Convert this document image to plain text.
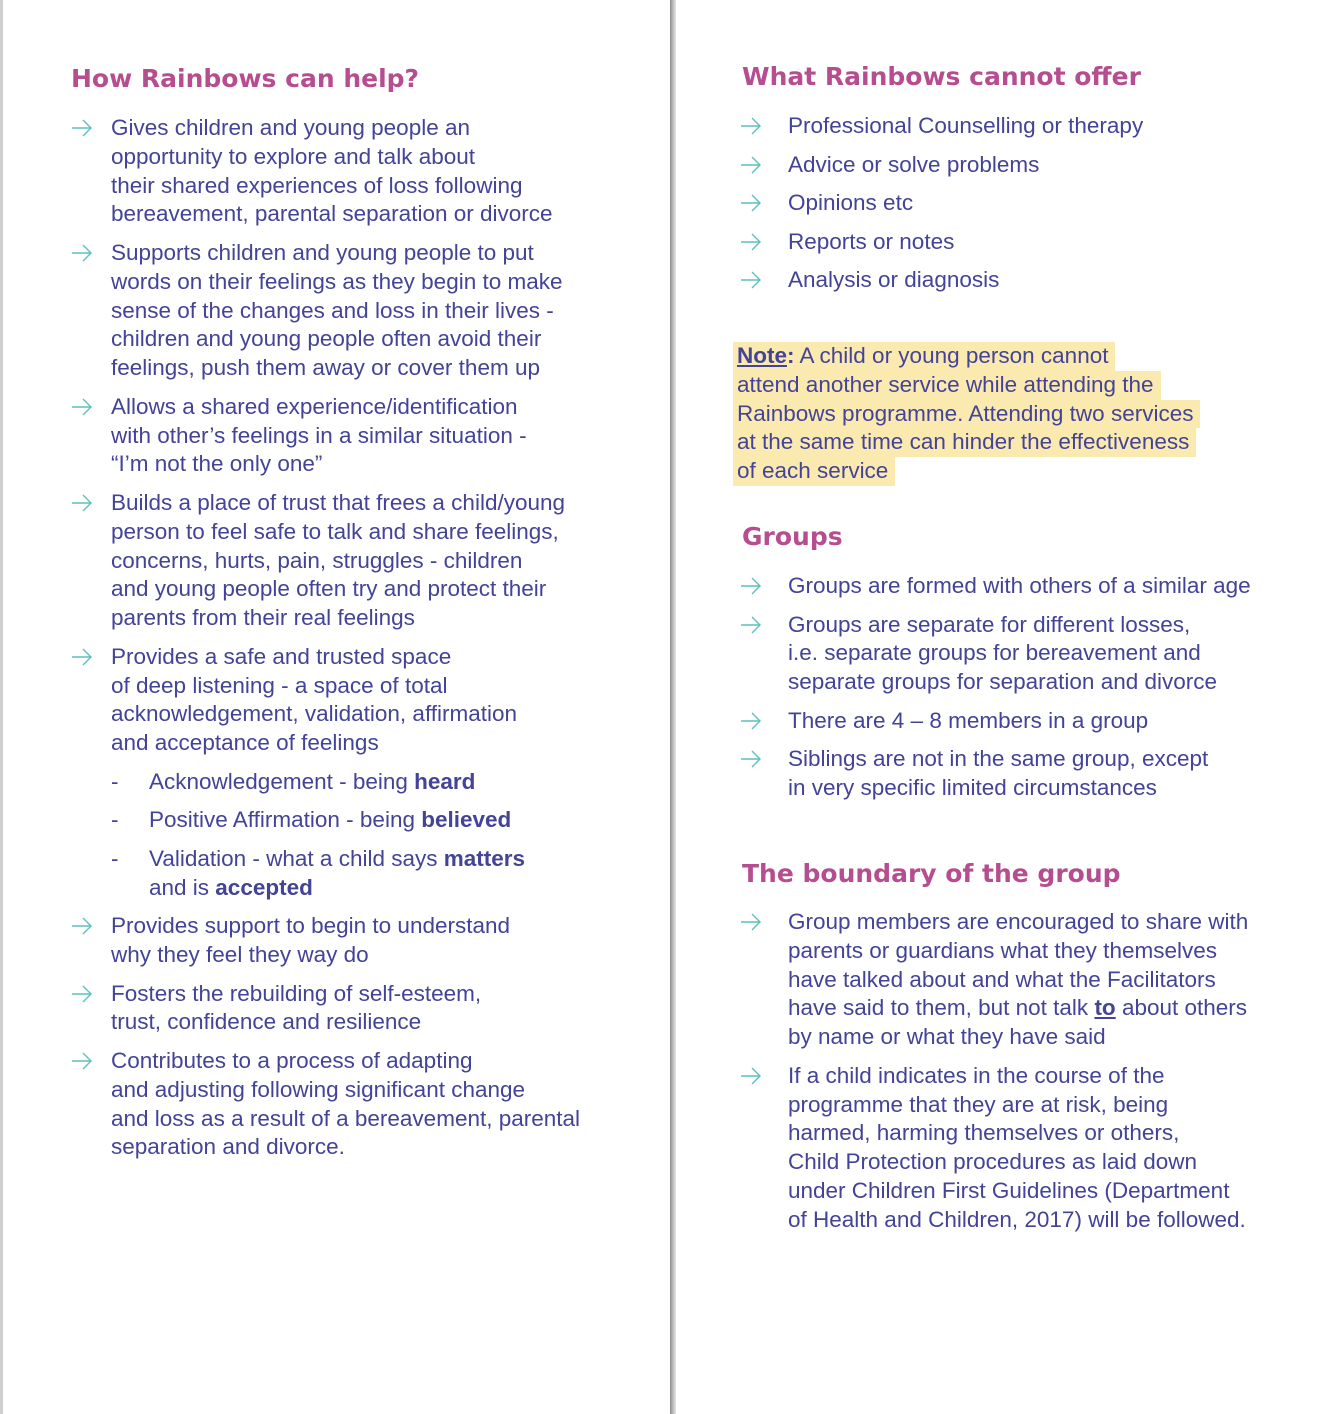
How Rainbows can help?
Gives children and young people an
opportunity to explore and talk about
their shared experiences of loss following
bereavement, parental separation or divorce
Supports children and young people to put
words on their feelings as they begin to make
sense of the changes and loss in their lives -
children and young people often avoid their
feelings, push them away or cover them up
Allows a shared experience/identification
with other’s feelings in a similar situation -
“I’m not the only one”
Builds a place of trust that frees a child/young
person to feel safe to talk and share feelings,
concerns, hurts, pain, struggles - children
and young people often try and protect their
parents from their real feelings
Provides a safe and trusted space
of deep listening - a space of total
acknowledgement, validation, affirmation
and acceptance of feelings
- Acknowledgement - being heard
- Positive Affirmation - being believed
- Validation - what a child says matters
and is accepted
Provides support to begin to understand
why they feel they way do
Fosters the rebuilding of self-esteem,
trust, confidence and resilience
Contributes to a process of adapting
and adjusting following significant change
and loss as a result of a bereavement, parental
separation and divorce.
What Rainbows cannot offer
Professional Counselling or therapy
Advice or solve problems
Opinions etc
Reports or notes
Analysis or diagnosis
Note: A child or young person cannot
attend another service while attending the
Rainbows programme. Attending two services
at the same time can hinder the effectiveness
of each service
Groups
Groups are formed with others of a similar age
Groups are separate for different losses,
i.e. separate groups for bereavement and
separate groups for separation and divorce
There are 4 – 8 members in a group
Siblings are not in the same group, except
in very specific limited circumstances
The boundary of the group
Group members are encouraged to share with
parents or guardians what they themselves
have talked about and what the Facilitators
have said to them, but not talk to about others
by name or what they have said
If a child indicates in the course of the
programme that they are at risk, being
harmed, harming themselves or others,
Child Protection procedures as laid down
under Children First Guidelines (Department
of Health and Children, 2017) will be followed.
